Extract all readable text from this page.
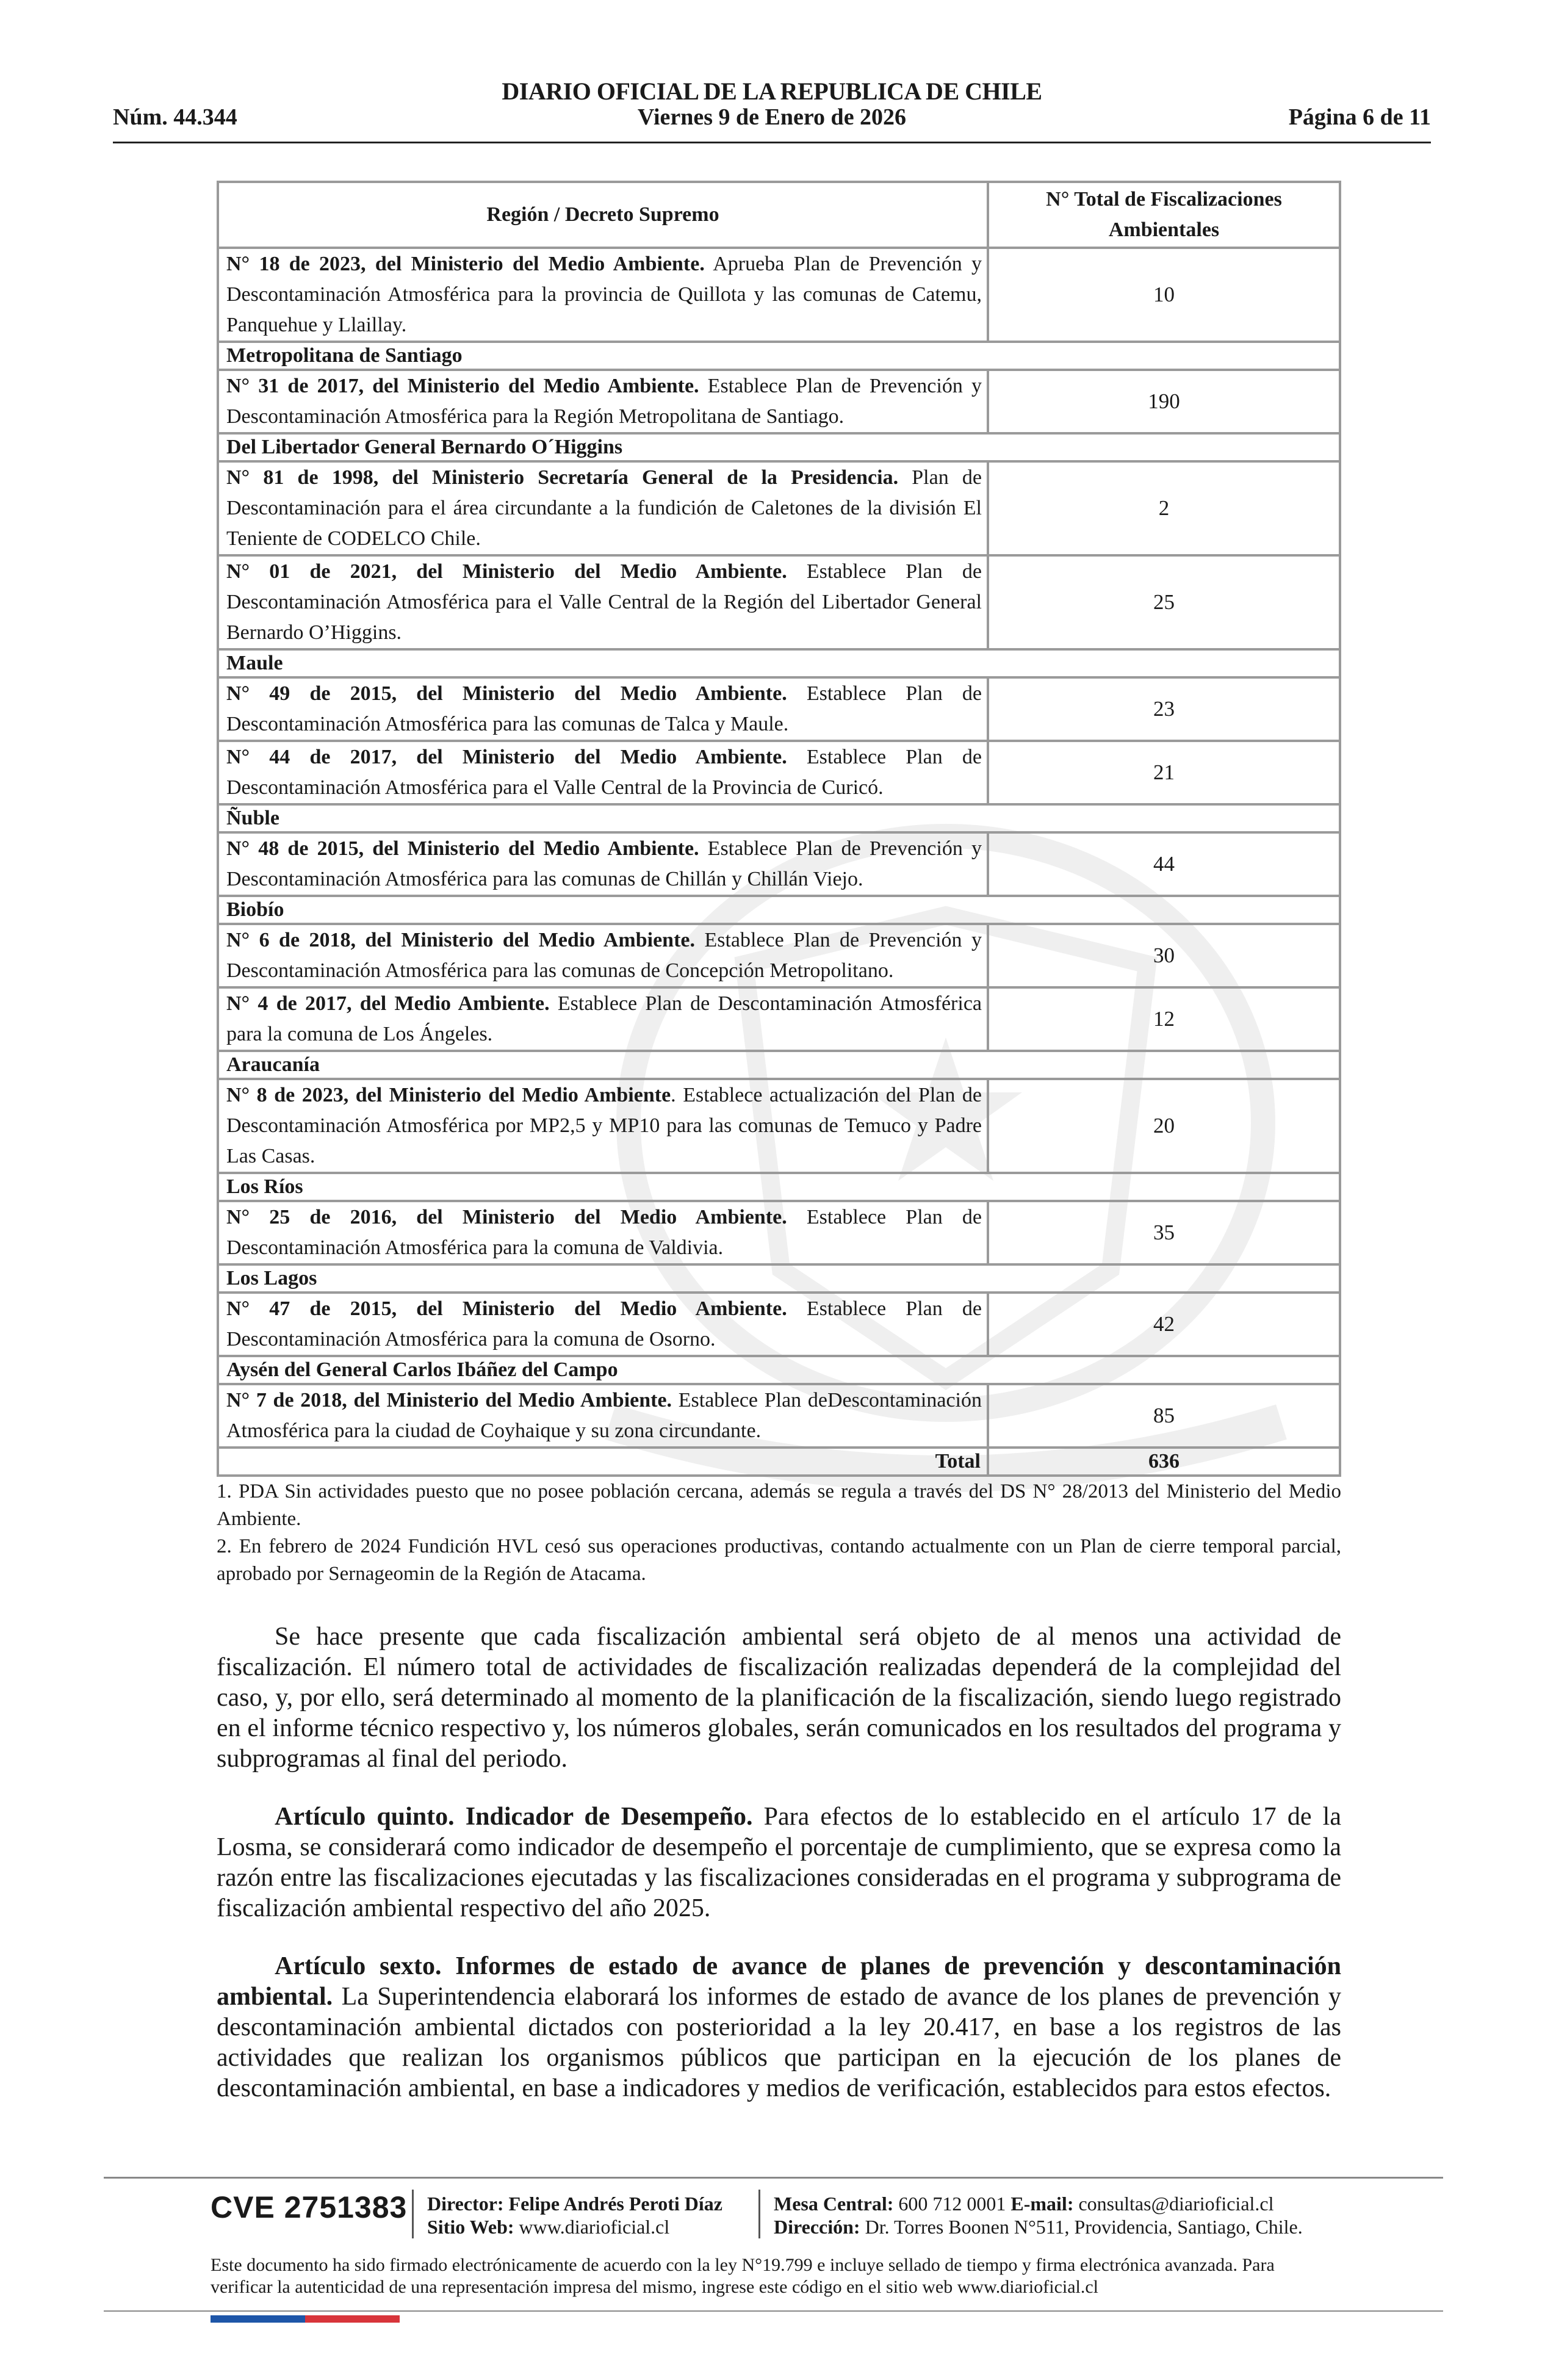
DIARIO OFICIAL DE LA REPUBLICA DE CHILE
Núm. 44.344	Viernes 9 de Enero de 2026	Página 6 de 11
Región / Decreto Supremo	N° Total de Fiscalizaciones Ambientales
N° 18 de 2023, del Ministerio del Medio Ambiente. Aprueba Plan de Prevención y Descontaminación Atmosférica para la provincia de Quillota y las comunas de Catemu, Panquehue y Llaillay.	10
Metropolitana de Santiago	
N° 31 de 2017, del Ministerio del Medio Ambiente. Establece Plan de Prevención y Descontaminación Atmosférica para la Región Metropolitana de Santiago.	190
Del Libertador General Bernardo O´Higgins	
N° 81 de 1998, del Ministerio Secretaría General de la Presidencia. Plan de Descontaminación para el área circundante a la fundición de Caletones de la división El Teniente de CODELCO Chile.	2
N° 01 de 2021, del Ministerio del Medio Ambiente. Establece Plan de Descontaminación Atmosférica para el Valle Central de la Región del Libertador General Bernardo O’Higgins.	25
Maule	
N° 49 de 2015, del Ministerio del Medio Ambiente. Establece Plan de Descontaminación Atmosférica para las comunas de Talca y Maule.	23
N° 44 de 2017, del Ministerio del Medio Ambiente. Establece Plan de Descontaminación Atmosférica para el Valle Central de la Provincia de Curicó.	21
Ñuble	
N° 48 de 2015, del Ministerio del Medio Ambiente. Establece Plan de Prevención y Descontaminación Atmosférica para las comunas de Chillán y Chillán Viejo.	44
Biobío	
N° 6 de 2018, del Ministerio del Medio Ambiente. Establece Plan de Prevención y Descontaminación Atmosférica para las comunas de Concepción Metropolitano.	30
N° 4 de 2017, del Medio Ambiente. Establece Plan de Descontaminación Atmosférica para la comuna de Los Ángeles.	12
Araucanía	
N° 8 de 2023, del Ministerio del Medio Ambiente. Establece actualización del Plan de Descontaminación Atmosférica por MP2,5 y MP10 para las comunas de Temuco y Padre Las Casas.	20
Los Ríos	
N° 25 de 2016, del Ministerio del Medio Ambiente. Establece Plan de Descontaminación Atmosférica para la comuna de Valdivia.	35
Los Lagos	
N° 47 de 2015, del Ministerio del Medio Ambiente. Establece Plan de Descontaminación Atmosférica para la comuna de Osorno.	42
Aysén del General Carlos Ibáñez del Campo	
N° 7 de 2018, del Ministerio del Medio Ambiente. Establece Plan deDescontaminación Atmosférica para la ciudad de Coyhaique y su zona circundante.	85
Total	636

1. PDA Sin actividades puesto que no posee población cercana, además se regula a través del DS N° 28/2013 del Ministerio del Medio Ambiente.

2. En febrero de 2024 Fundición HVL cesó sus operaciones productivas, contando actualmente con un Plan de cierre temporal parcial, aprobado por Sernageomin de la Región de Atacama.

Se hace presente que cada fiscalización ambiental será objeto de al menos una actividad de fiscalización. El número total de actividades de fiscalización realizadas dependerá de la complejidad del caso, y, por ello, será determinado al momento de la planificación de la fiscalización, siendo luego registrado en el informe técnico respectivo y, los números globales, serán comunicados en los resultados del programa y subprogramas al final del periodo.
Artículo quinto. Indicador de Desempeño. Para efectos de lo establecido en el artículo 17 de la Losma, se considerará como indicador de desempeño el porcentaje de cumplimiento, que se expresa como la razón entre las fiscalizaciones ejecutadas y las fiscalizaciones consideradas en el programa y subprograma de fiscalización ambiental respectivo del año 2025.
Artículo sexto. Informes de estado de avance de planes de prevención y descontaminación ambiental. La Superintendencia elaborará los informes de estado de avance de los planes de prevención y descontaminación ambiental dictados con posterioridad a la ley 20.417, en base a los registros de las actividades que realizan los organismos públicos que participan en la ejecución de los planes de descontaminación ambiental, en base a indicadores y medios de verificación, establecidos para estos efectos.
CVE 2751383 Director: Felipe Andrés Peroti Díaz
Sitio Web: www.diarioficial.cl
Mesa Central: 600 712 0001 E-mail: consultas@diarioficial.cl
Dirección: Dr. Torres Boonen N°511, Providencia, Santiago, Chile.
Este documento ha sido firmado electrónicamente de acuerdo con la ley N°19.799 e incluye sellado de tiempo y firma electrónica avanzada. Para verificar la autenticidad de una representación impresa del mismo, ingrese este código en el sitio web www.diarioficial.cl
